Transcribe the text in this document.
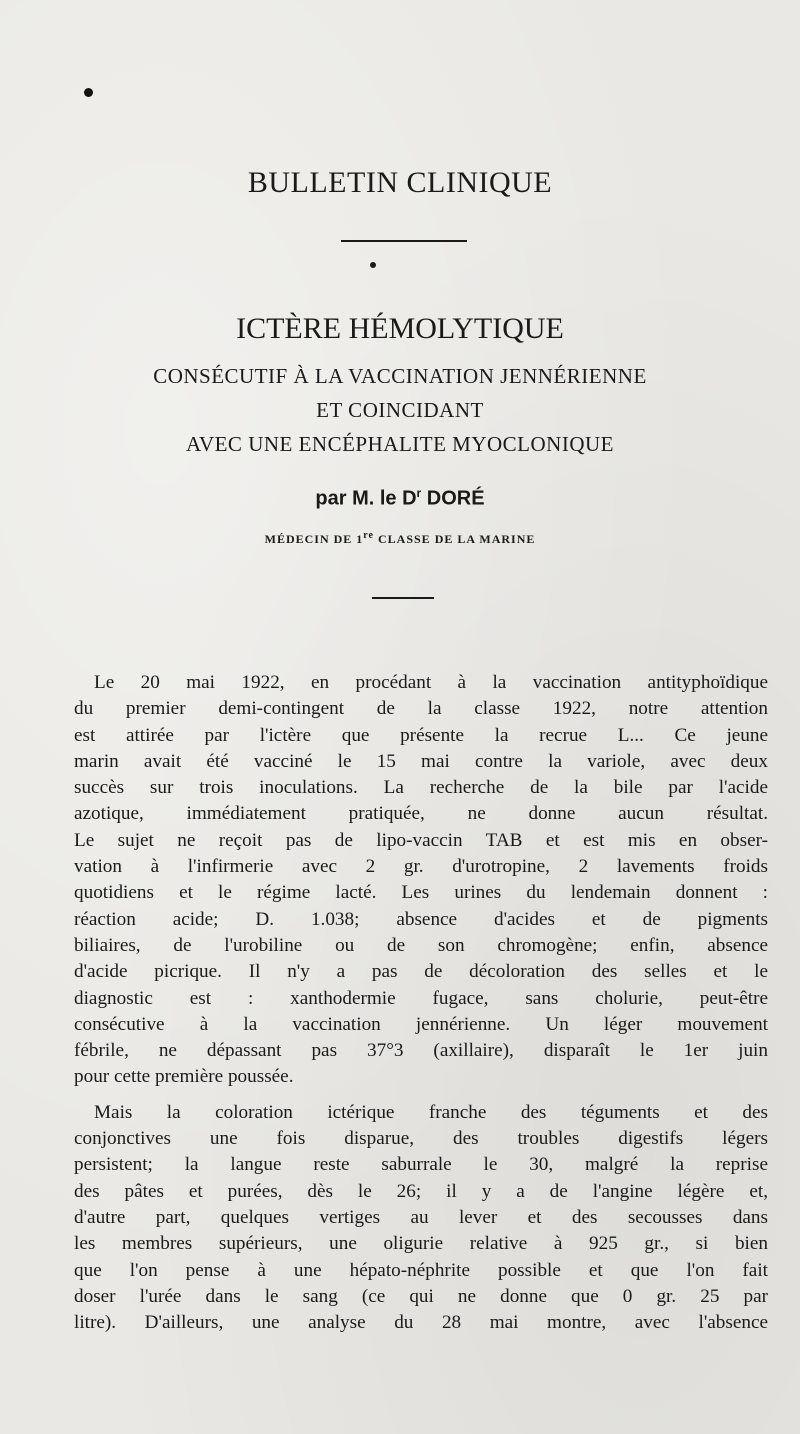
BULLETIN CLINIQUE
ICTÈRE HÉMOLYTIQUE
CONSÉCUTIF À LA VACCINATION JENNÉRIENNE
ET COINCIDANT
AVEC UNE ENCÉPHALITE MYOCLONIQUE
par M. le $D^r$ DORÉ
MÉDECIN DE 1re CLASSE DE LA MARINE
Le 20 mai 1922, en procédant à la vaccination antityphoïdique
du premier demi-contingent de la classe 1922, notre attention
est attirée par l'ictère que présente la recrue L... Ce jeune
marin avait été vacciné le 15 mai contre la variole, avec deux
succès sur trois inoculations. La recherche de la bile par l'acide
azotique, immédiatement pratiquée, ne donne aucun résultat.
Le sujet ne reçoit pas de lipo-vaccin TAB et est mis en obser-
vation à l'infirmerie avec 2 gr. d'urotropine, 2 lavements froids
quotidiens et le régime lacté. Les urines du lendemain donnent :
réaction acide; D. 1.038; absence d'acides et de pigments
biliaires, de l'urobiline ou de son chromogène; enfin, absence
d'acide picrique. Il n'y a pas de décoloration des selles et le
diagnostic est : xanthodermie fugace, sans cholurie, peut-être
consécutive à la vaccination jennérienne. Un léger mouvement
fébrile, ne dépassant pas 37°3 (axillaire), disparaît le 1er juin
pour cette première poussée.
Mais la coloration ictérique franche des téguments et des
conjonctives une fois disparue, des troubles digestifs légers
persistent; la langue reste saburrale le 30, malgré la reprise
des pâtes et purées, dès le 26; il y a de l'angine légère et,
d'autre part, quelques vertiges au lever et des secousses dans
les membres supérieurs, une oligurie relative à 925 gr., si bien
que l'on pense à une hépato-néphrite possible et que l'on fait
doser l'urée dans le sang (ce qui ne donne que 0 gr. 25 par
litre). D'ailleurs, une analyse du 28 mai montre, avec l'absence
